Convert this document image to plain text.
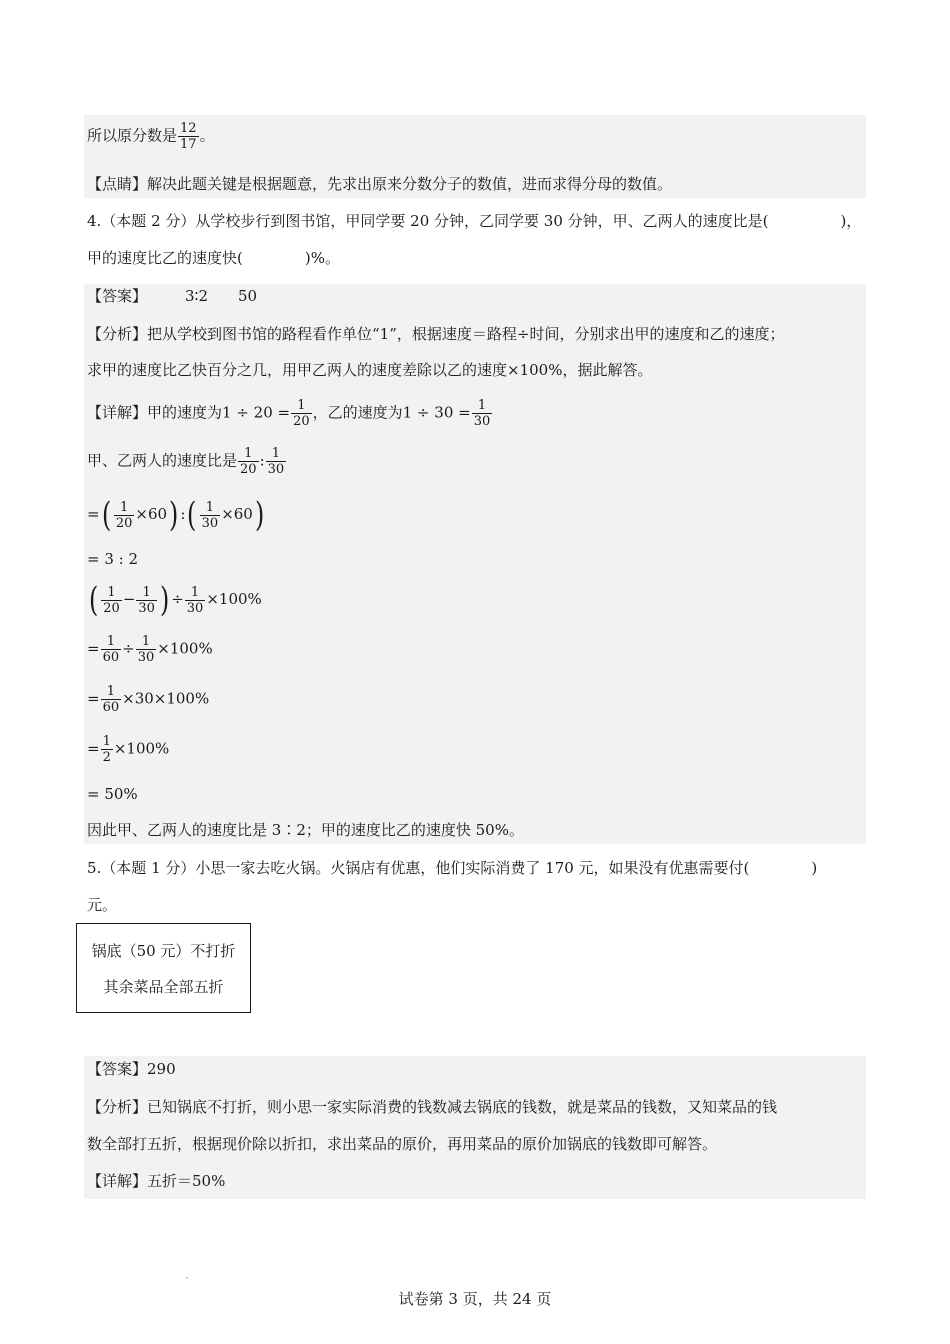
所以原分数是 $\frac{12}{17}$ 。
【点睛】解决此题关键是根据题意，先求出原来分数分子的数值，进而求得分母的数值。
4.（本题 2 分）从学校步行到图书馆，甲同学要 20 分钟，乙同学要 30 分钟，甲、乙两人的速度比是(	)，
甲的速度比乙的速度快(	)%。
【答案】	3∶2 50
【分析】把从学校到图书馆的路程看作单位“1”，根据速度＝路程÷时间，分别求出甲的速度和乙的速度；
求甲的速度比乙快百分之几，用甲乙两人的速度差除以乙的速度×100%，据此解答。
【详解】甲的速度为$1 \div 20 = \frac{1}{20}$ ，乙的速度为$1 \div 30 = \frac{1}{30}$
甲、乙两人的速度比是 $\frac{1}{20}$ : $\frac{1}{30}$
=( $\frac{1}{20} \times 60$) :( $\frac{1}{30} \times 60$)
= 3 : 2
( $\frac{1}{20} - \frac{1}{30}$ ) ÷ $\frac{1}{30} \times 100\%$
= $\frac{1}{60} \div \frac{1}{30} \times 100\%$
= $\frac{1}{60} \times 30\times 100\%$
= $\frac{1}{2} \times 100\%$
= 50%
因此甲、乙两人的速度比是 3∶2；甲的速度比乙的速度快 50%。
5.（本题 1 分）小思一家去吃火锅。火锅店有优惠，他们实际消费了 170 元，如果没有优惠需要付(	)
元。
锅底（50 元）不打折
其余菜品全部五折
【答案】290
【分析】已知锅底不打折，则小思一家实际消费的钱数减去锅底的钱数，就是菜品的钱数，又知菜品的钱
数全部打五折，根据现价除以折扣，求出菜品的原价，再用菜品的原价加锅底的钱数即可解答。
【详解】五折＝50%
试卷第 3 页，共 24 页
